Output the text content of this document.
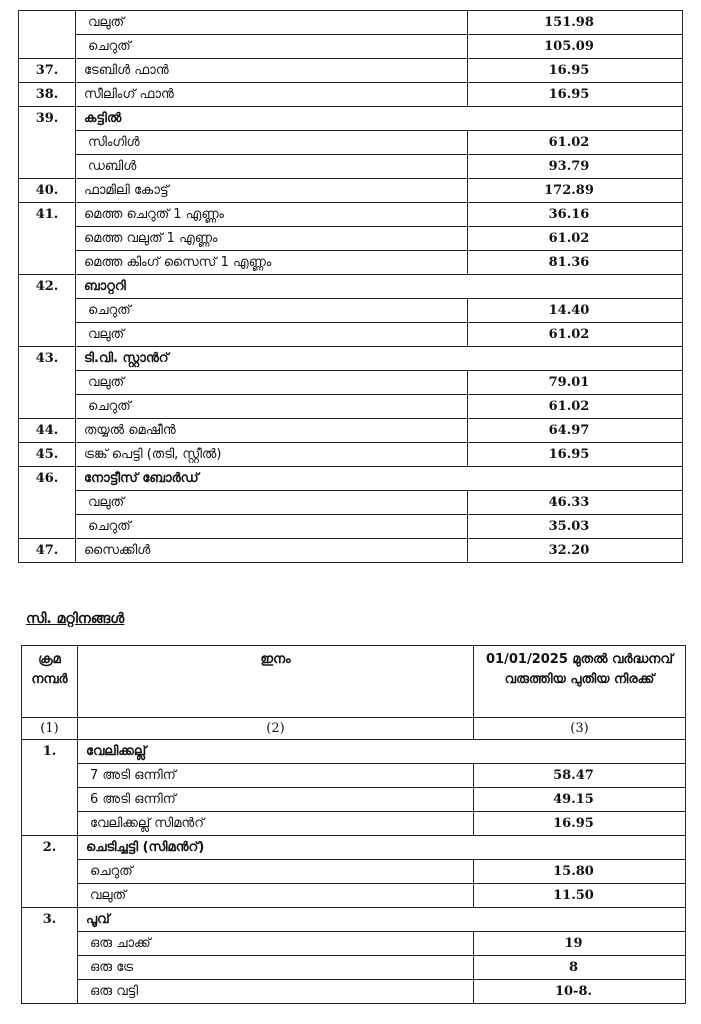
	വലുത്	151.98
	ചെറുത്	105.09
37.	ടേബിൾ ഫാൻ	16.95
38.	സീലിംഗ് ഫാൻ	16.95
39.	കട്ടിൽ	
	സിംഗിൾ	61.02
	ഡബിൾ	93.79
40.	ഫാമിലി കോട്ട്	172.89
41.	മെത്ത ചെറുത് 1 എണ്ണം	36.16
	മെത്ത വലുത് 1 എണ്ണം	61.02
	മെത്ത കിംഗ് സൈസ് 1 എണ്ണം	81.36
42.	ബാറ്ററി	
	ചെറുത്	14.40
	വലുത്	61.02
43.	ടി.വി. സ്റ്റാൻറ്	
	വലുത്	79.01
	ചെറുത്	61.02
44.	തയ്യൽ മെഷീൻ	64.97
45.	ട്രങ്ക് പെട്ടി (തടി, സ്റ്റീൽ)	16.95
46.	നോട്ടീസ് ബോർഡ്	
	വലുത്	46.33
	ചെറുത്	35.03
47.	സൈക്കിൾ	32.20

സി. മറ്റിനങ്ങൾ

ക്രമ നമ്പർ	ഇനം	01/01/2025 മുതൽ വർദ്ധനവ് വരുത്തിയ പുതിയ നിരക്ക്
(1)	(2)	(3)
1.	വേലിക്കല്ല്	
	7 അടി ഒന്നിന്	58.47
	6 അടി ഒന്നിന്	49.15
	വേലിക്കല്ല് സിമൻറ്	16.95
2.	ചെടിച്ചട്ടി (സിമൻറ്)	
	ചെറുത്	15.80
	വലുത്	11.50
3.	പൂവ്	
	ഒരു ചാക്ക്	19
	ഒരു ട്രേ	8
	ഒരു വട്ടി	10-8.
